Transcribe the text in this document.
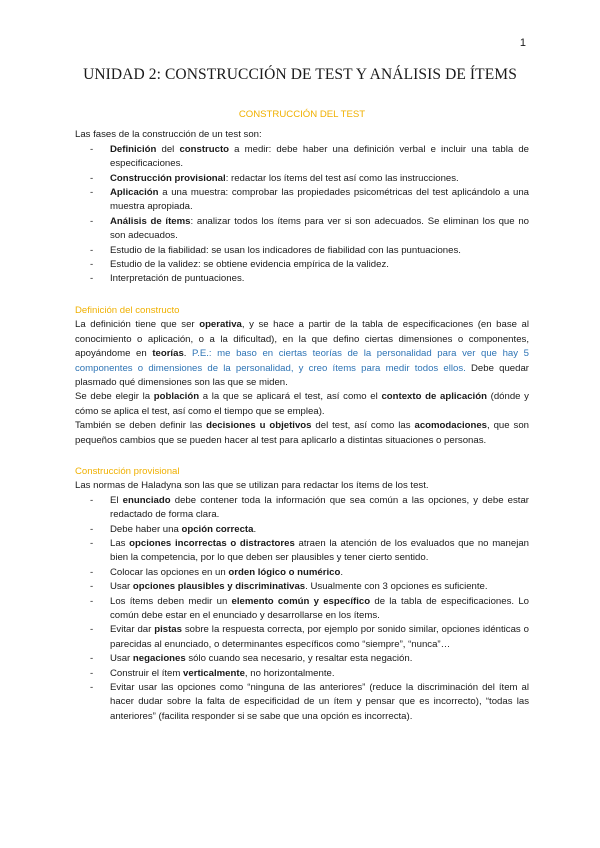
1
UNIDAD 2: CONSTRUCCIÓN DE TEST Y ANÁLISIS DE ÍTEMS
CONSTRUCCIÓN DEL TEST

Las fases de la construcción de un test son:

- Definición del constructo a medir: debe haber una definición verbal e incluir una tabla de especificaciones.
- Construcción provisional: redactar los ítems del test así como las instrucciones.
- Aplicación a una muestra: comprobar las propiedades psicométricas del test aplicándolo a una muestra apropiada.
- Análisis de ítems: analizar todos los ítems para ver si son adecuados. Se eliminan los que no son adecuados.
- Estudio de la fiabilidad: se usan los indicadores de fiabilidad con las puntuaciones.
- Estudio de la validez: se obtiene evidencia empírica de la validez.
- Interpretación de puntuaciones.
Definición del constructo

La definición tiene que ser operativa, y se hace a partir de la tabla de especificaciones (en base al conocimiento o aplicación, o a la dificultad), en la que defino ciertas dimensiones o componentes, apoyándome en teorías. P.E.: me baso en ciertas teorías de la personalidad para ver que hay 5 componentes o dimensiones de la personalidad, y creo ítems para medir todos ellos. Debe quedar plasmado qué dimensiones son las que se miden.

Se debe elegir la población a la que se aplicará el test, así como el contexto de aplicación (dónde y cómo se aplica el test, así como el tiempo que se emplea).

También se deben definir las decisiones u objetivos del test, así como las acomodaciones, que son pequeños cambios que se pueden hacer al test para aplicarlo a distintas situaciones o personas.

Construcción provisional

Las normas de Haladyna son las que se utilizan para redactar los ítems de los test.

- El enunciado debe contener toda la información que sea común a las opciones, y debe estar redactado de forma clara.
- Debe haber una opción correcta.
- Las opciones incorrectas o distractores atraen la atención de los evaluados que no manejan bien la competencia, por lo que deben ser plausibles y tener cierto sentido.
- Colocar las opciones en un orden lógico o numérico.
- Usar opciones plausibles y discriminativas. Usualmente con 3 opciones es suficiente.
- Los ítems deben medir un elemento común y específico de la tabla de especificaciones. Lo común debe estar en el enunciado y desarrollarse en los ítems.
- Evitar dar pistas sobre la respuesta correcta, por ejemplo por sonido similar, opciones idénticas o parecidas al enunciado, o determinantes específicos como “siempre”, “nunca”…
- Usar negaciones sólo cuando sea necesario, y resaltar esta negación.
- Construir el ítem verticalmente, no horizontalmente.
- Evitar usar las opciones como “ninguna de las anteriores” (reduce la discriminación del ítem al hacer dudar sobre la falta de especificidad de un ítem y pensar que es incorrecto), “todas las anteriores” (facilita responder si se sabe que una opción es incorrecta).
